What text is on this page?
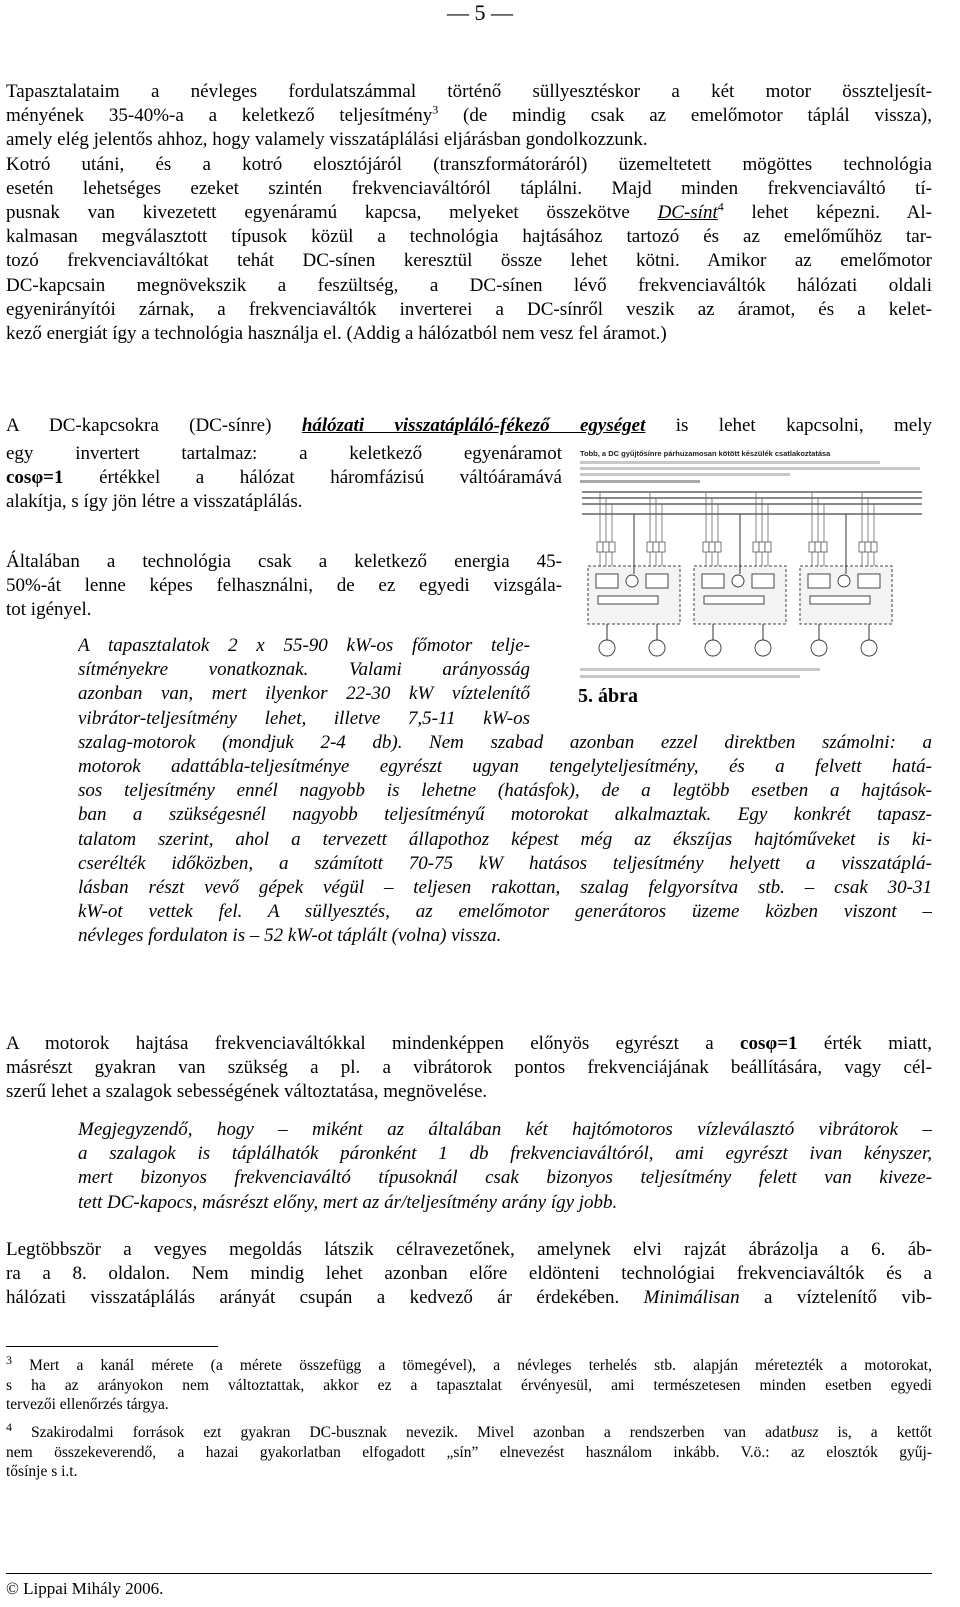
— 5 —
Tapasztalataim a névleges fordulatszámmal történő süllyesztéskor a két motor összteljesít-
ményének 35-40%-a a keletkező teljesítmény$^3$ (de mindig csak az emelőmotor táplál vissza),
amely elég jelentős ahhoz, hogy valamely visszatáplálási eljárásban gondolkozzunk.
Kotró utáni, és a kotró elosztójáról (transzformátoráról) üzemeltetett mögöttes technológia
esetén lehetséges ezeket szintén frekvenciaváltóról táplálni. Majd minden frekvenciaváltó tí-
pusnak van kivezetett egyenáramú kapcsa, melyeket összekötve DC-sínt$^4$ lehet képezni. Al-
kalmasan megválasztott típusok közül a technológia hajtásához tartozó és az emelőműhöz tar-
tozó frekvenciaváltókat tehát DC-sínen keresztül össze lehet kötni. Amikor az emelőmotor
DC-kapcsain megnövekszik a feszültség, a DC-sínen lévő frekvenciaváltók hálózati oldali
egyenirányítói zárnak, a frekvenciaváltók inverterei a DC-sínről veszik az áramot, és a kelet-
kező energiát így a technológia használja el. (Addig a hálózatból nem vesz fel áramot.)
A DC-kapcsokra (DC-sínre) hálózati visszatápláló-fékező egységet is lehet kapcsolni, mely
egy invertert tartalmaz: a keletkező egyenáramot
cosφ=1 értékkel a hálózat háromfázisú váltóáramává
alakítja, s így jön létre a visszatáplálás.
Általában a technológia csak a keletkező energia 45-
50%-át lenne képes felhasználni, de ez egyedi vizsgála-
tot igényel.
A tapasztalatok 2 x 55-90 kW-os főmotor telje-
sítményekre vonatkoznak. Valami arányosság
azonban van, mert ilyenkor 22-30 kW víztelenítő
vibrátor-teljesítmény lehet, illetve 7,5-11 kW-os
szalag-motorok (mondjuk 2-4 db). Nem szabad azonban ezzel direktben számolni: a
motorok adattábla-teljesítménye egyrészt ugyan tengelyteljesítmény, és a felvett hatá-
sos teljesítmény ennél nagyobb is lehetne (hatásfok), de a legtöbb esetben a hajtások-
ban a szükségesnél nagyobb teljesítményű motorokat alkalmaztak. Egy konkrét tapasz-
talatom szerint, ahol a tervezett állapothoz képest még az ékszíjas hajtóműveket is ki-
cserélték időközben, a számított 70-75 kW hatásos teljesítmény helyett a visszatáplá-
lásban részt vevő gépek végül – teljesen rakottan, szalag felgyorsítva stb. – csak 30-31
kW-ot vettek fel. A süllyesztés, az emelőmotor generátoros üzeme közben viszont –
névleges fordulaton is – 52 kW-ot táplált (volna) vissza.
A motorok hajtása frekvenciaváltókkal mindenképpen előnyös egyrészt a cosφ=1 érték miatt,
másrészt gyakran van szükség a pl. a vibrátorok pontos frekvenciájának beállítására, vagy cél-
szerű lehet a szalagok sebességének változtatása, megnövelése.
Megjegyzendő, hogy – miként az általában két hajtómotoros vízleválasztó vibrátorok –
a szalagok is táplálhatók páronként 1 db frekvenciaváltóról, ami egyrészt ivan kényszer,
mert bizonyos frekvenciaváltó típusoknál csak bizonyos teljesítmény felett van kiveze-
tett DC-kapocs, másrészt előny, mert az ár/teljesítmény arány így jobb.
Legtöbbször a vegyes megoldás látszik célravezetőnek, amelynek elvi rajzát ábrázolja a 6. áb-
ra a 8. oldalon. Nem mindig lehet azonban előre eldönteni technológiai frekvenciaváltók és a
hálózati visszatáplálás arányát csupán a kedvező ár érdekében. Minimálisan a víztelenítő vib-
Tobb, a DC gyűjtősínre párhuzamosan kötött készülék csatlakoztatása
5. ábra
$^3$ Mert a kanál mérete (a mérete összefügg a tömegével), a névleges terhelés stb. alapján méretezték a motorokat,
s ha az arányokon nem változtattak, akkor ez a tapasztalat érvényesül, ami természetesen minden esetben egyedi
tervezői ellenőrzés tárgya.
$^4$ Szakirodalmi források ezt gyakran DC-busznak nevezik. Mivel azonban a rendszerben van adatbusz is, a kettőt
nem összekeverendő, a hazai gyakorlatban elfogadott „sín” elnevezést használom inkább. V.ö.: az elosztók gyűj-
tősínje s i.t.
© Lippai Mihály 2006.
